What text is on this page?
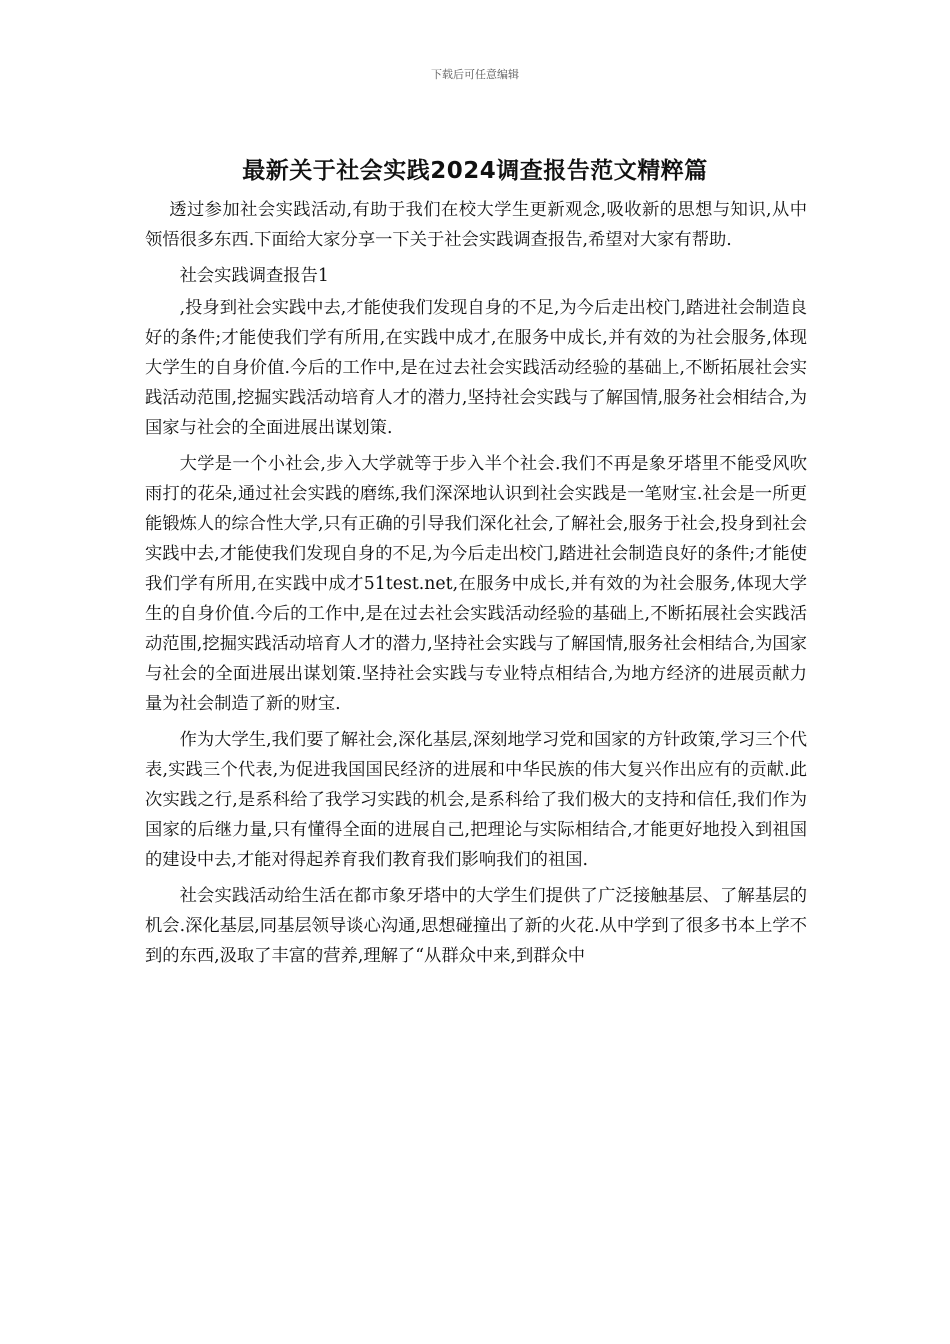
下载后可任意编辑
最新关于社会实践2024调查报告范文精粹篇

透过参加社会实践活动,有助于我们在校大学生更新观念,吸收新的思想与知识,从中领悟很多东西.下面给大家分享一下关于社会实践调查报告,希望对大家有帮助.

社会实践调查报告1

,投身到社会实践中去,才能使我们发现自身的不足,为今后走出校门,踏进社会制造良好的条件;才能使我们学有所用,在实践中成才,在服务中成长,并有效的为社会服务,体现大学生的自身价值.今后的工作中,是在过去社会实践活动经验的基础上,不断拓展社会实践活动范围,挖掘实践活动培育人才的潜力,坚持社会实践与了解国情,服务社会相结合,为国家与社会的全面进展出谋划策.

大学是一个小社会,步入大学就等于步入半个社会.我们不再是象牙塔里不能受风吹雨打的花朵,通过社会实践的磨练,我们深深地认识到社会实践是一笔财宝.社会是一所更能锻炼人的综合性大学,只有正确的引导我们深化社会,了解社会,服务于社会,投身到社会实践中去,才能使我们发现自身的不足,为今后走出校门,踏进社会制造良好的条件;才能使我们学有所用,在实践中成才51test.net,在服务中成长,并有效的为社会服务,体现大学生的自身价值.今后的工作中,是在过去社会实践活动经验的基础上,不断拓展社会实践活动范围,挖掘实践活动培育人才的潜力,坚持社会实践与了解国情,服务社会相结合,为国家与社会的全面进展出谋划策.坚持社会实践与专业特点相结合,为地方经济的进展贡献力量为社会制造了新的财宝.

作为大学生,我们要了解社会,深化基层,深刻地学习党和国家的方针政策,学习三个代表,实践三个代表,为促进我国国民经济的进展和中华民族的伟大复兴作出应有的贡献.此次实践之行,是系科给了我学习实践的机会,是系科给了我们极大的支持和信任,我们作为国家的后继力量,只有懂得全面的进展自己,把理论与实际相结合,才能更好地投入到祖国的建设中去,才能对得起养育我们教育我们影响我们的祖国.

社会实践活动给生活在都市象牙塔中的大学生们提供了广泛接触基层、了解基层的机会.深化基层,同基层领导谈心沟通,思想碰撞出了新的火花.从中学到了很多书本上学不到的东西,汲取了丰富的营养,理解了“从群众中来,到群众中
